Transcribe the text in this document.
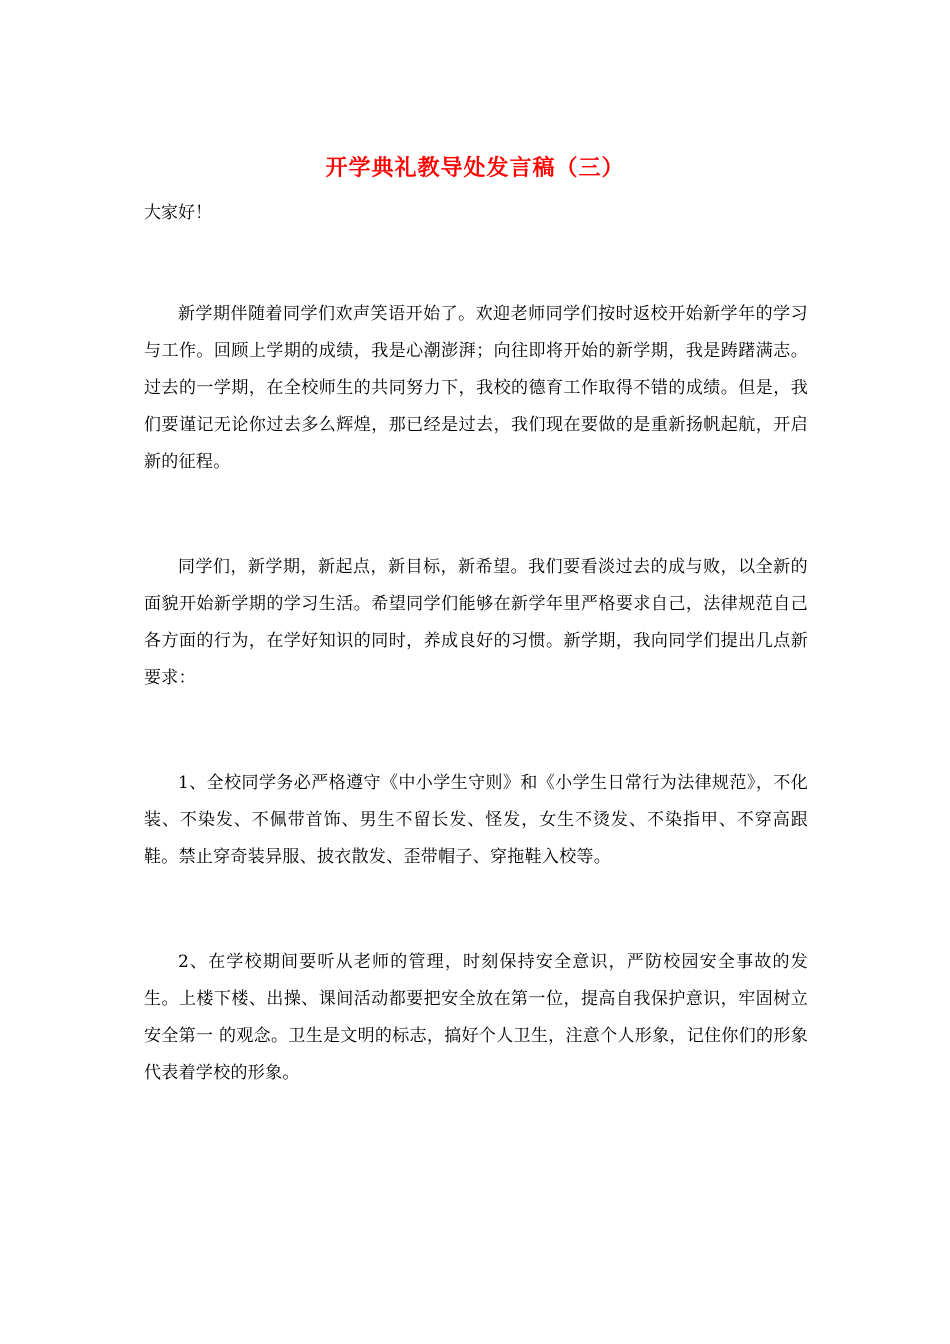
开学典礼教导处发言稿（三）

大家好！

新学期伴随着同学们欢声笑语开始了。欢迎老师同学们按时返校开始新学年的学习与工作。回顾上学期的成绩，我是心潮澎湃；向往即将开始的新学期，我是踌躇满志。过去的一学期，在全校师生的共同努力下，我校的德育工作取得不错的成绩。但是，我们要谨记无论你过去多么辉煌，那已经是过去，我们现在要做的是重新扬帆起航，开启新的征程。

同学们，新学期，新起点，新目标，新希望。我们要看淡过去的成与败，以全新的面貌开始新学期的学习生活。希望同学们能够在新学年里严格要求自己，法律规范自己各方面的行为，在学好知识的同时，养成良好的习惯。新学期，我向同学们提出几点新要求：

1、全校同学务必严格遵守《中小学生守则》和《小学生日常行为法律规范》，不化装、不染发、不佩带首饰、男生不留长发、怪发，女生不烫发、不染指甲、不穿高跟鞋。禁止穿奇装异服、披衣散发、歪带帽子、穿拖鞋入校等。

2、在学校期间要听从老师的管理，时刻保持安全意识，严防校园安全事故的发生。上楼下楼、出操、课间活动都要把安全放在第一位，提高自我保护意识，牢固树立 安全第一 的观念。卫生是文明的标志，搞好个人卫生，注意个人形象，记住你们的形象代表着学校的形象。
